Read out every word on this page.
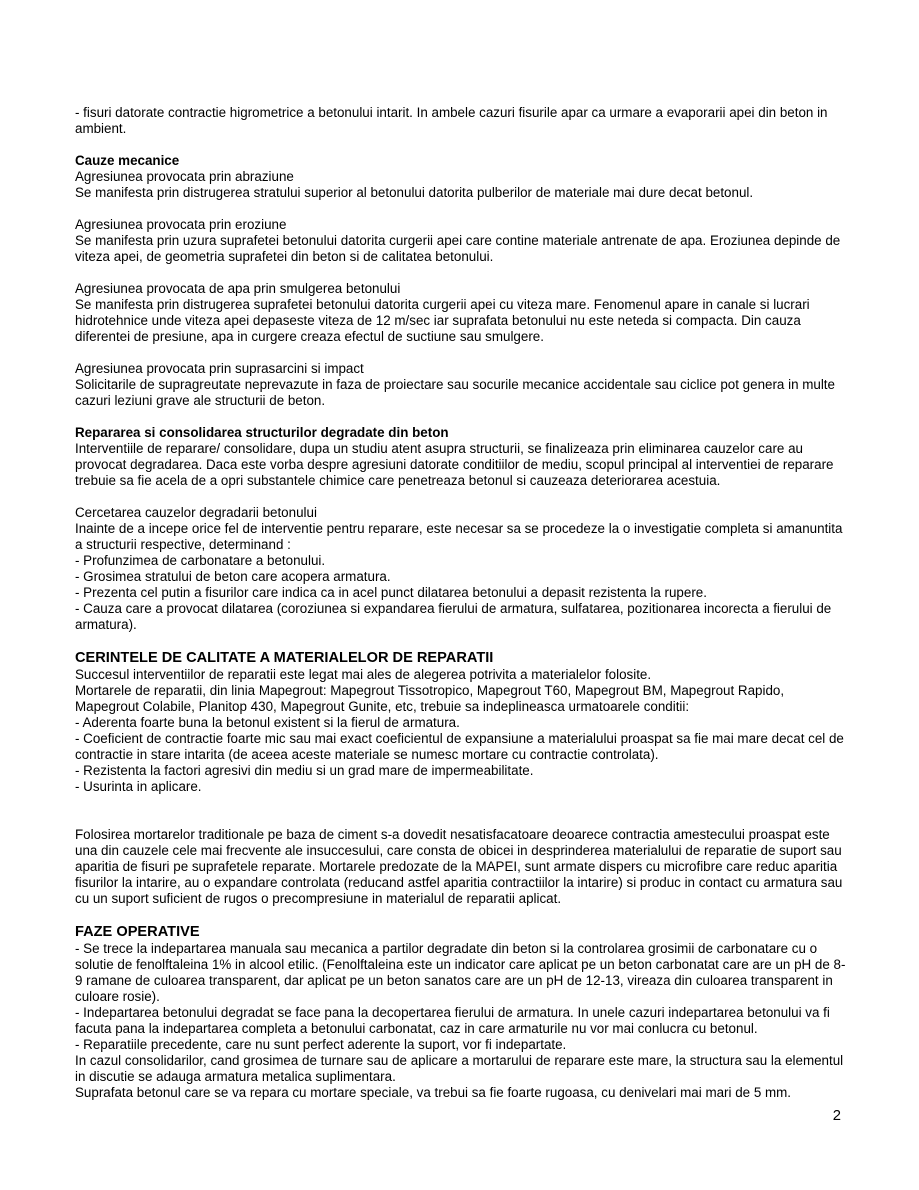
- fisuri datorate contractie higrometrice a betonului intarit. In ambele cazuri fisurile apar ca urmare a evaporarii apei din beton in ambient.

Cauze mecanice

Agresiunea provocata prin abraziune

Se manifesta prin distrugerea stratului superior al betonului datorita pulberilor de materiale mai dure decat betonul.

Agresiunea provocata prin eroziune

Se manifesta prin uzura suprafetei betonului datorita curgerii apei care contine materiale antrenate de apa. Eroziunea depinde de viteza apei, de geometria suprafetei din beton si de calitatea betonului.

Agresiunea provocata de apa prin smulgerea betonului

Se manifesta prin distrugerea suprafetei betonului datorita curgerii apei cu viteza mare. Fenomenul apare in canale si lucrari hidrotehnice unde viteza apei depaseste viteza de 12 m/sec iar suprafata betonului nu este neteda si compacta. Din cauza diferentei de presiune, apa in curgere creaza efectul de suctiune sau smulgere.

Agresiunea provocata prin suprasarcini si impact

Solicitarile de supragreutate neprevazute in faza de proiectare sau socurile mecanice accidentale sau ciclice pot genera in multe cazuri leziuni grave ale structurii de beton.

Repararea si consolidarea structurilor degradate din beton

Interventiile de reparare/ consolidare, dupa un studiu atent asupra structurii, se finalizeaza prin eliminarea cauzelor care au provocat degradarea. Daca este vorba despre agresiuni datorate conditiilor de mediu, scopul principal al interventiei de reparare trebuie sa fie acela de a opri substantele chimice care penetreaza betonul si cauzeaza deteriorarea acestuia.

Cercetarea cauzelor degradarii betonului

Inainte de a incepe orice fel de interventie pentru reparare, este necesar sa se procedeze la o investigatie completa si amanuntita a structurii respective, determinand :

- Profunzimea de carbonatare a betonului.

- Grosimea stratului de beton care acopera armatura.

- Prezenta cel putin a fisurilor care indica ca in acel punct dilatarea betonului a depasit rezistenta la rupere.

- Cauza care a provocat dilatarea (coroziunea si expandarea fierului de armatura, sulfatarea, pozitionarea incorecta a fierului de armatura).

CERINTELE DE CALITATE A MATERIALELOR DE REPARATII

Succesul interventiilor de reparatii este legat mai ales de alegerea potrivita a materialelor folosite.

Mortarele de reparatii, din linia Mapegrout: Mapegrout Tissotropico, Mapegrout T60, Mapegrout BM, Mapegrout Rapido, Mapegrout Colabile, Planitop 430, Mapegrout Gunite, etc, trebuie sa indeplineasca urmatoarele conditii:

- Aderenta foarte buna la betonul existent si la fierul de armatura.

- Coeficient de contractie foarte mic sau mai exact coeficientul de expansiune a materialului proaspat sa fie mai mare decat cel de contractie in stare intarita (de aceea aceste materiale se numesc mortare cu contractie controlata).

- Rezistenta la factori agresivi din mediu si un grad mare de impermeabilitate.

- Usurinta in aplicare.

Folosirea mortarelor traditionale pe baza de ciment s-a dovedit nesatisfacatoare deoarece contractia amestecului proaspat este una din cauzele cele mai frecvente ale insuccesului, care consta de obicei in desprinderea materialului de reparatie de suport sau aparitia de fisuri pe suprafetele reparate. Mortarele predozate de la MAPEI, sunt armate dispers cu microfibre care reduc aparitia fisurilor la intarire, au o expandare controlata (reducand astfel aparitia contractiilor la intarire) si produc in contact cu armatura sau cu un suport suficient de rugos o precompresiune in materialul de reparatii aplicat.

FAZE OPERATIVE

- Se trece la indepartarea manuala sau mecanica a partilor degradate din beton si la controlarea grosimii de carbonatare cu o solutie de fenolftaleina 1% in alcool etilic. (Fenolftaleina este un indicator care aplicat pe un beton carbonatat care are un pH de 8-9 ramane de culoarea transparent, dar aplicat pe un beton sanatos care are un pH de 12-13, vireaza din culoarea transparent in culoare rosie).

- Indepartarea betonului degradat se face pana la decopertarea fierului de armatura. In unele cazuri indepartarea betonului va fi facuta pana la indepartarea completa a betonului carbonatat, caz in care armaturile nu vor mai conlucra cu betonul.

- Reparatiile precedente, care nu sunt perfect aderente la suport, vor fi indepartate.

In cazul consolidarilor, cand grosimea de turnare sau de aplicare a mortarului de reparare este mare, la structura sau la elementul in discutie se adauga armatura metalica suplimentara.

Suprafata betonul care se va repara cu mortare speciale, va trebui sa fie foarte rugoasa, cu denivelari mai mari de 5 mm.

2
